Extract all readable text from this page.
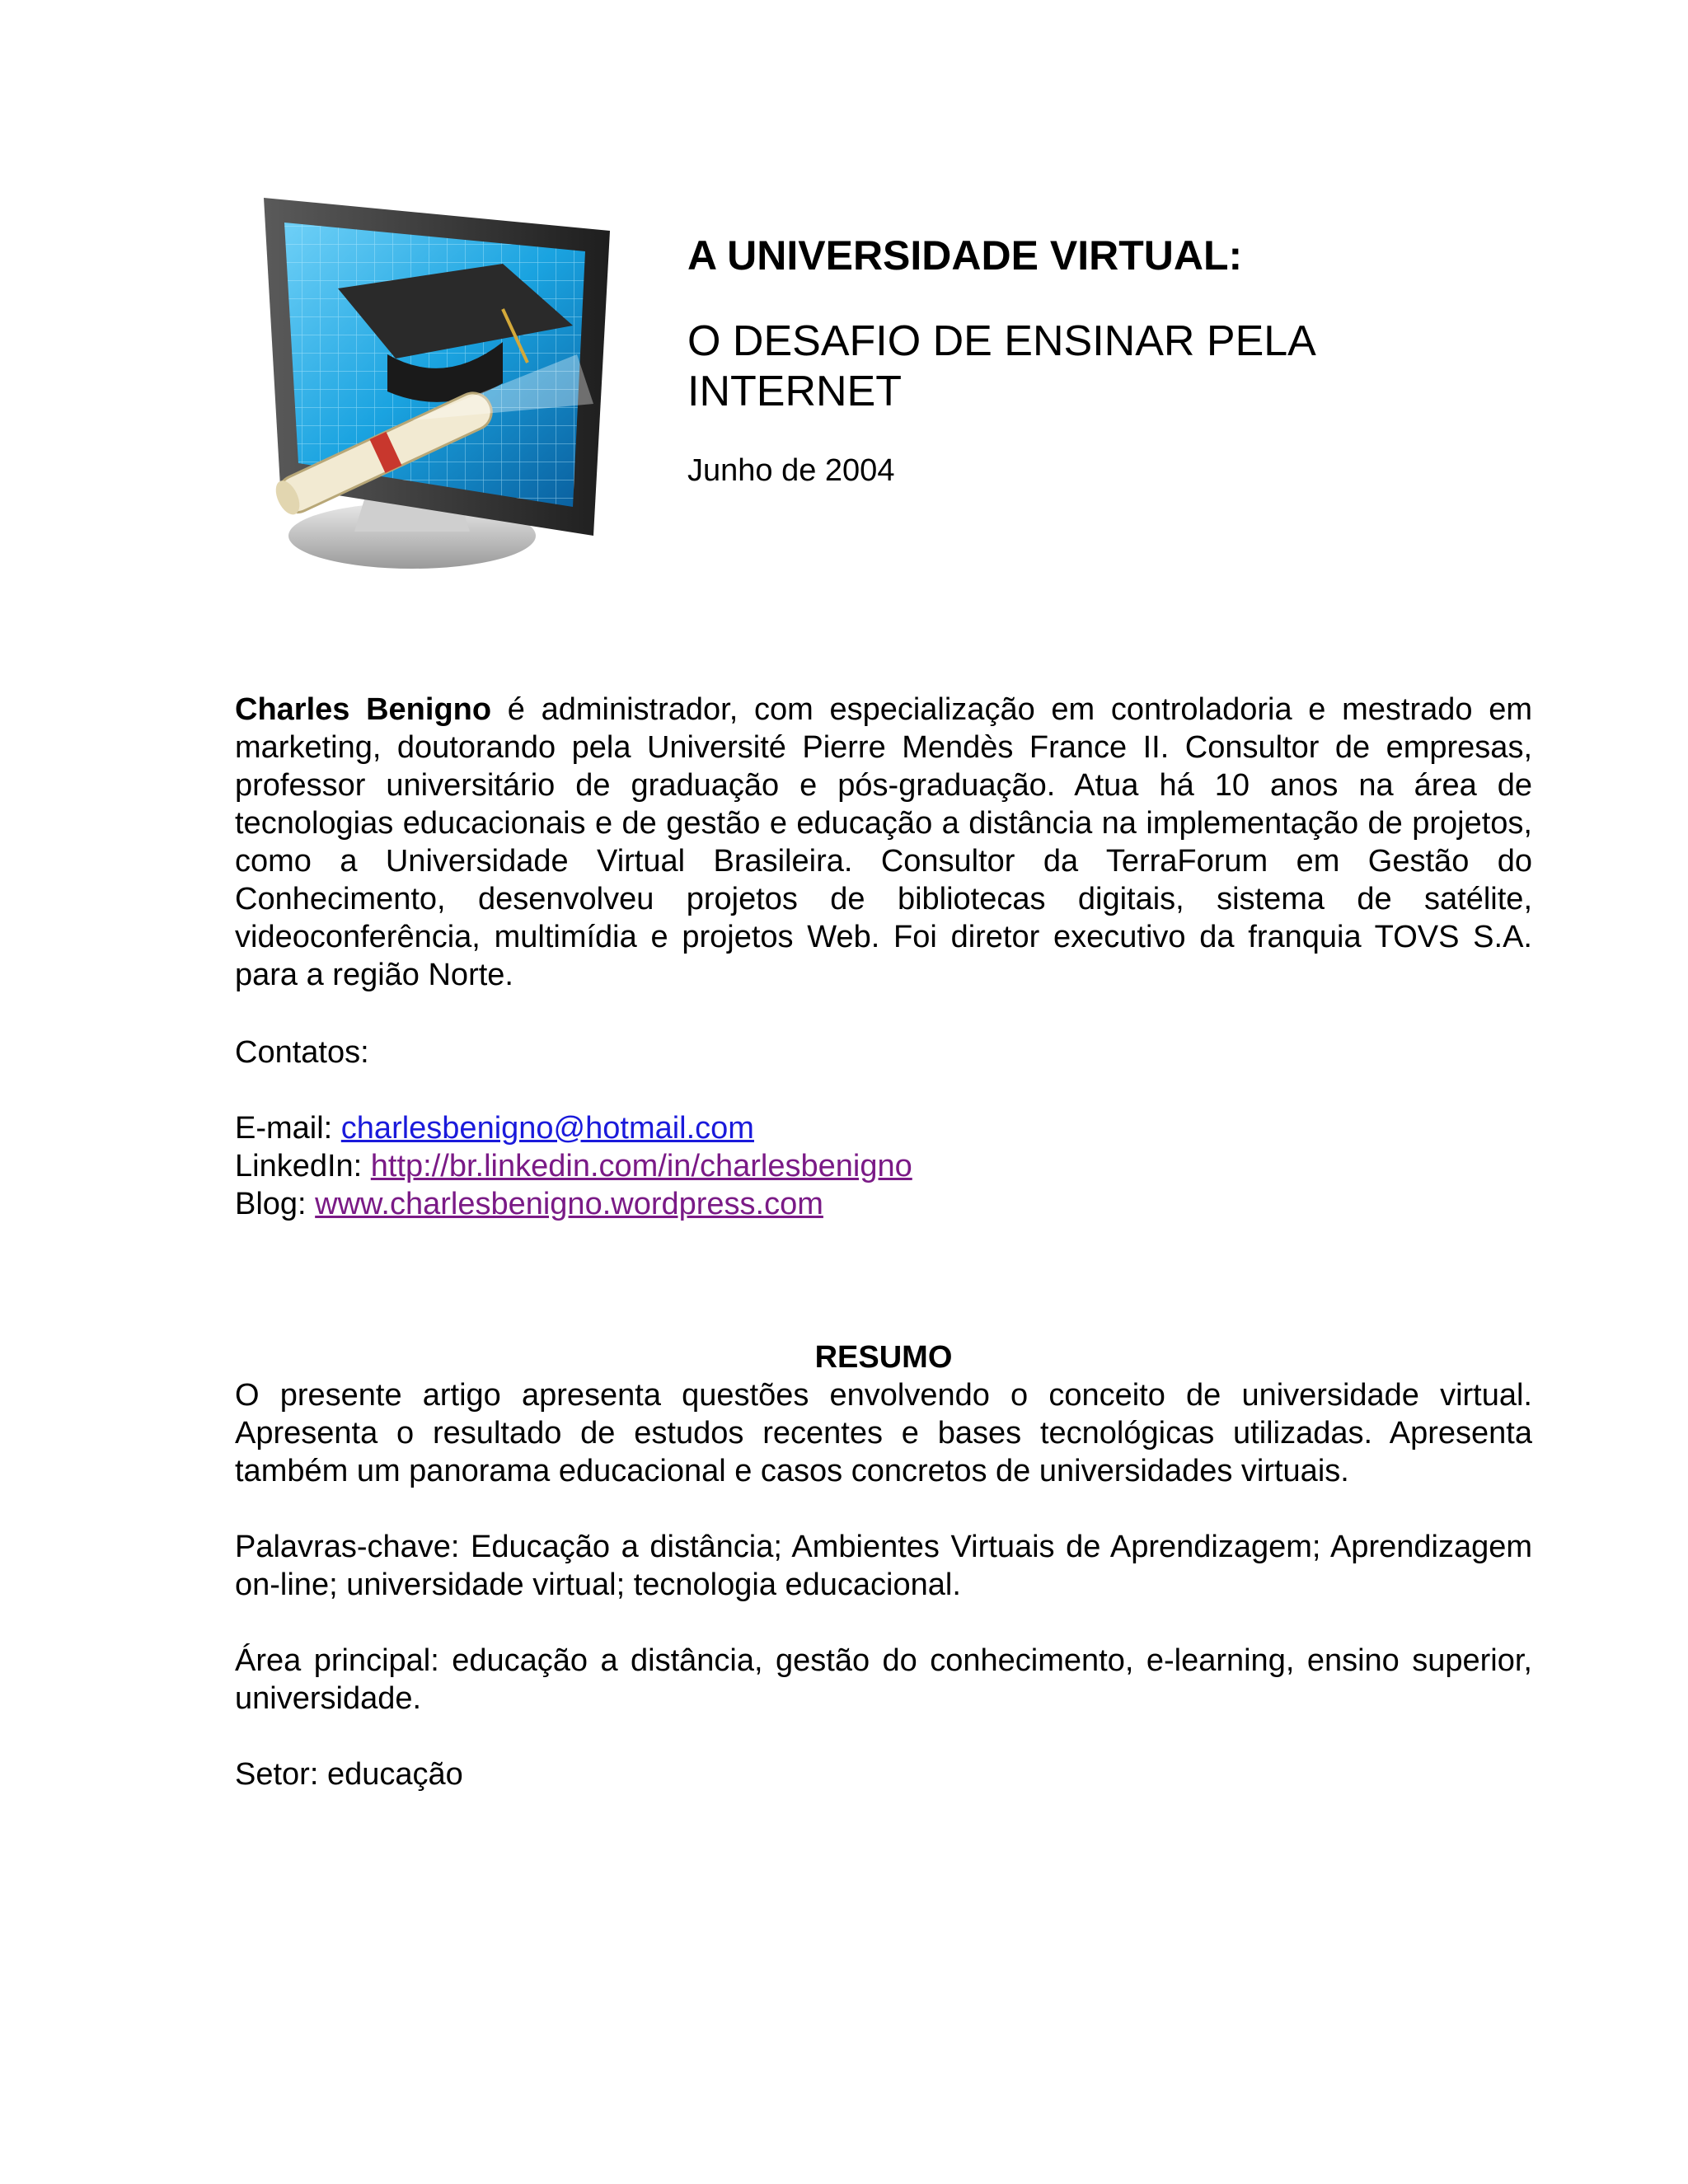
A UNIVERSIDADE VIRTUAL:
O DESAFIO DE ENSINAR PELA INTERNET

Junho de 2004

Charles Benigno é administrador, com especialização em controladoria e mestrado em marketing, doutorando pela Université Pierre Mendès France II. Consultor de empresas, professor universitário de graduação e pós-graduação. Atua há 10 anos na área de tecnologias educacionais e de gestão e educação a distância na implementação de projetos, como a Universidade Virtual Brasileira. Consultor da TerraForum em Gestão do Conhecimento, desenvolveu projetos de bibliotecas digitais, sistema de satélite, videoconferência, multimídia e projetos Web. Foi diretor executivo da franquia TOVS S.A. para a região Norte.

Contatos:
E-mail: charlesbenigno@hotmail.com
LinkedIn: http://br.linkedin.com/in/charlesbenigno
Blog: www.charlesbenigno.wordpress.com
RESUMO

O presente artigo apresenta questões envolvendo o conceito de universidade virtual. Apresenta o resultado de estudos recentes e bases tecnológicas utilizadas. Apresenta também um panorama educacional e casos concretos de universidades virtuais.

Palavras-chave: Educação a distância; Ambientes Virtuais de Aprendizagem; Aprendizagem on-line; universidade virtual; tecnologia educacional.

Área principal: educação a distância, gestão do conhecimento, e-learning, ensino superior, universidade.

Setor: educação
